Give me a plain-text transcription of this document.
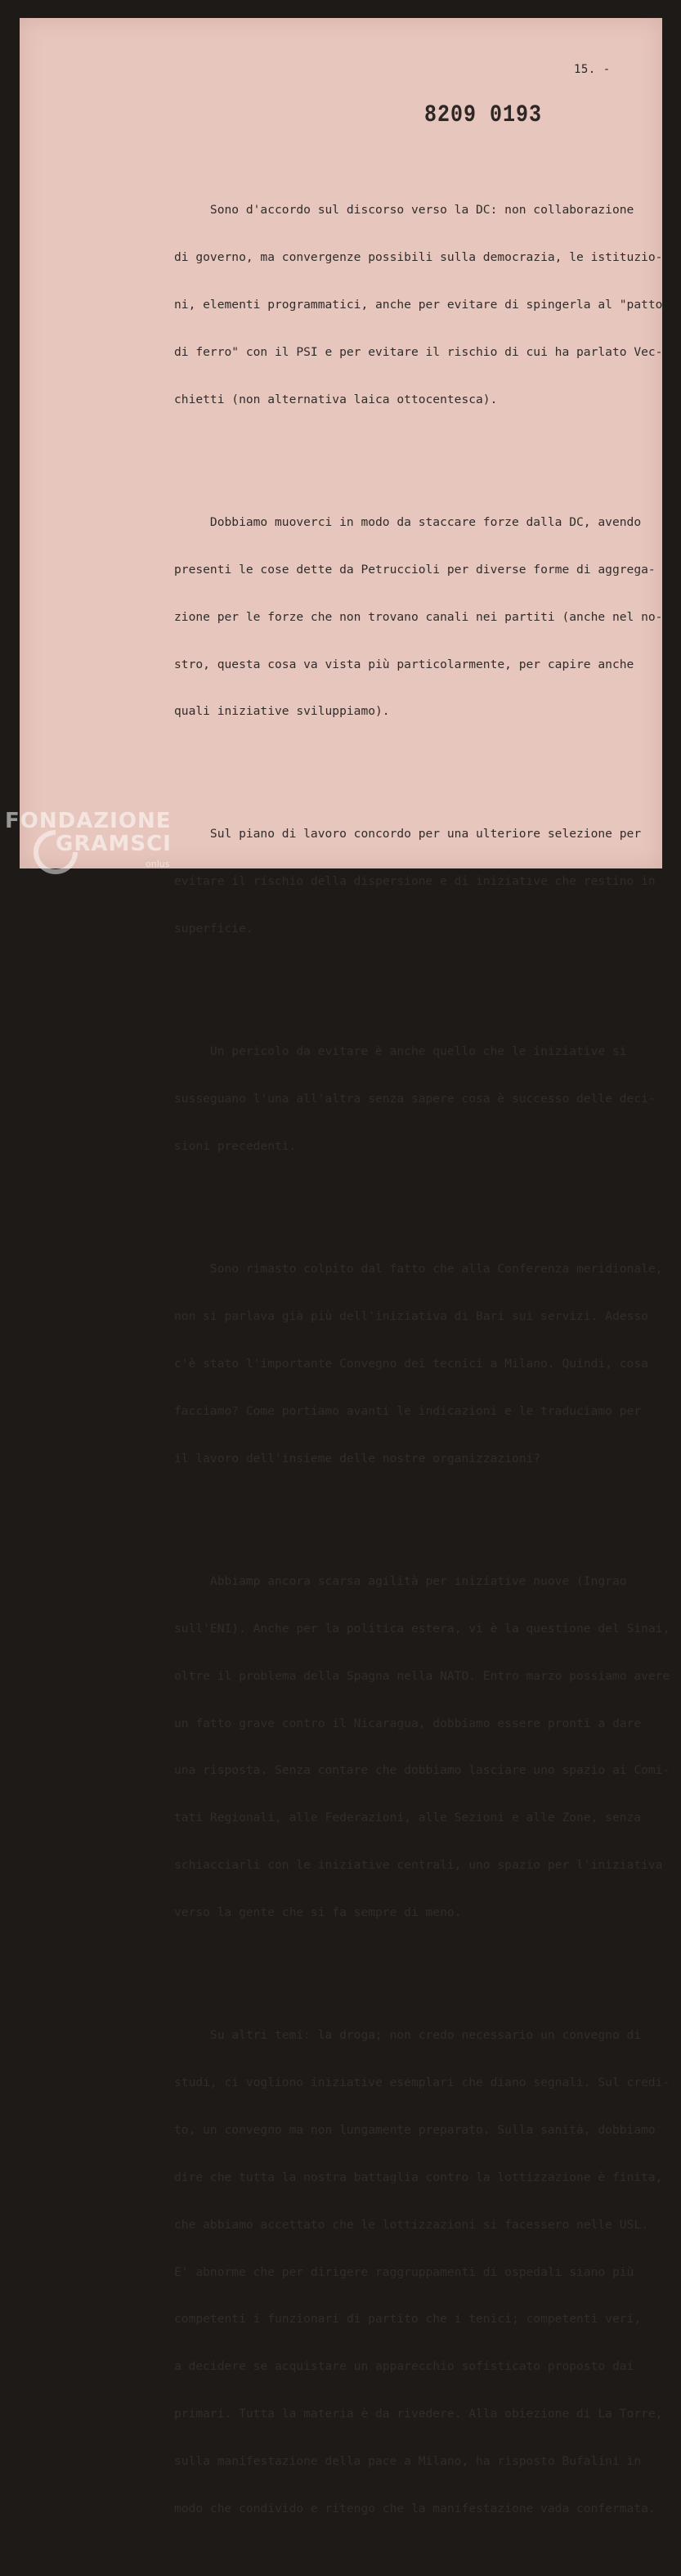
15. -
8209 0193

Sono d'accordo sul discorso verso la DC: non collaborazione

di governo, ma convergenze possibili sulla democrazia, le istituzio-

ni, elementi programmatici, anche per evitare di spingerla al "patto

di ferro" con il PSI e per evitare il rischio di cui ha parlato Vec-

chietti (non alternativa laica ottocentesca).

Dobbiamo muoverci in modo da staccare forze dalla DC, avendo

presenti le cose dette da Petruccioli per diverse forme di aggrega-

zione per le forze che non trovano canali nei partiti (anche nel no-

stro, questa cosa va vista più particolarmente, per capire anche

quali iniziative sviluppiamo).

Sul piano di lavoro concordo per una ulteriore selezione per

evitare il rischio della dispersione e di iniziative che restino in

superficie.

Un pericolo da evitare è anche quello che le iniziative si

susseguano l'una all'altra senza sapere cosa è successo delle deci-

sioni precedenti.

Sono rimasto colpito dal fatto che alla Conferenza meridionale,

non si parlava già più dell'iniziativa di Bari sui servizi. Adesso

c'è stato l'importante Convegno dei tecnici a Milano. Quindi, cosa

facciamo? Come portiamo avanti le indicazioni e le traduciamo per

il lavoro dell'insieme delle nostre organizzazioni?

Abbiamp ancora scarsa agilità per iniziative nuove (Ingrao

sull'ENI). Anche per la politica estera, vi è la questione del Sinai,

oltre il problema della Spagna nella NATO. Entro marzo possiamo avere

un fatto grave contro il Nicaragua, dobbiamo essere pronti a dare

una risposta. Senza contare che dobbiamo lasciare uno spazio ai Comi-

tati Regionali, alle Federazioni, alle Sezioni e alle Zone, senza

schiacciarli con le iniziative centrali, uno spazio per l'iniziativa

verso la gente che si fa sempre di meno.

Su altri temi: la droga; non credo necessario un convegno di

studi, ci vogliono iniziative esemplari che diano segnali. Sul credi-

to, un convegno ma non lungamente preparato. Sulla sanità, dobbiamo

dire che tutta la nostra battaglia contro la lottizzazione è finita,

che abbiamo accettato che le lottizzazioni si facessero nelle USL.

E' abnorme che per dirigere raggruppamenti di ospedali siano più

competenti i funzionari di partito che i tenici; competenti veri,

a decidere se acquistare un apparecchio sofisticato proposto dai

primari. Tutta la materia è da rivedere. Alla obiezione di La Torre,

sulla manifestazione della pace a Milano, ha risposto Bufalini in

modo che condivido e ritengo che la manifestazione vada confermata.

FONDAZIONE
GRAMSCI
onlus
